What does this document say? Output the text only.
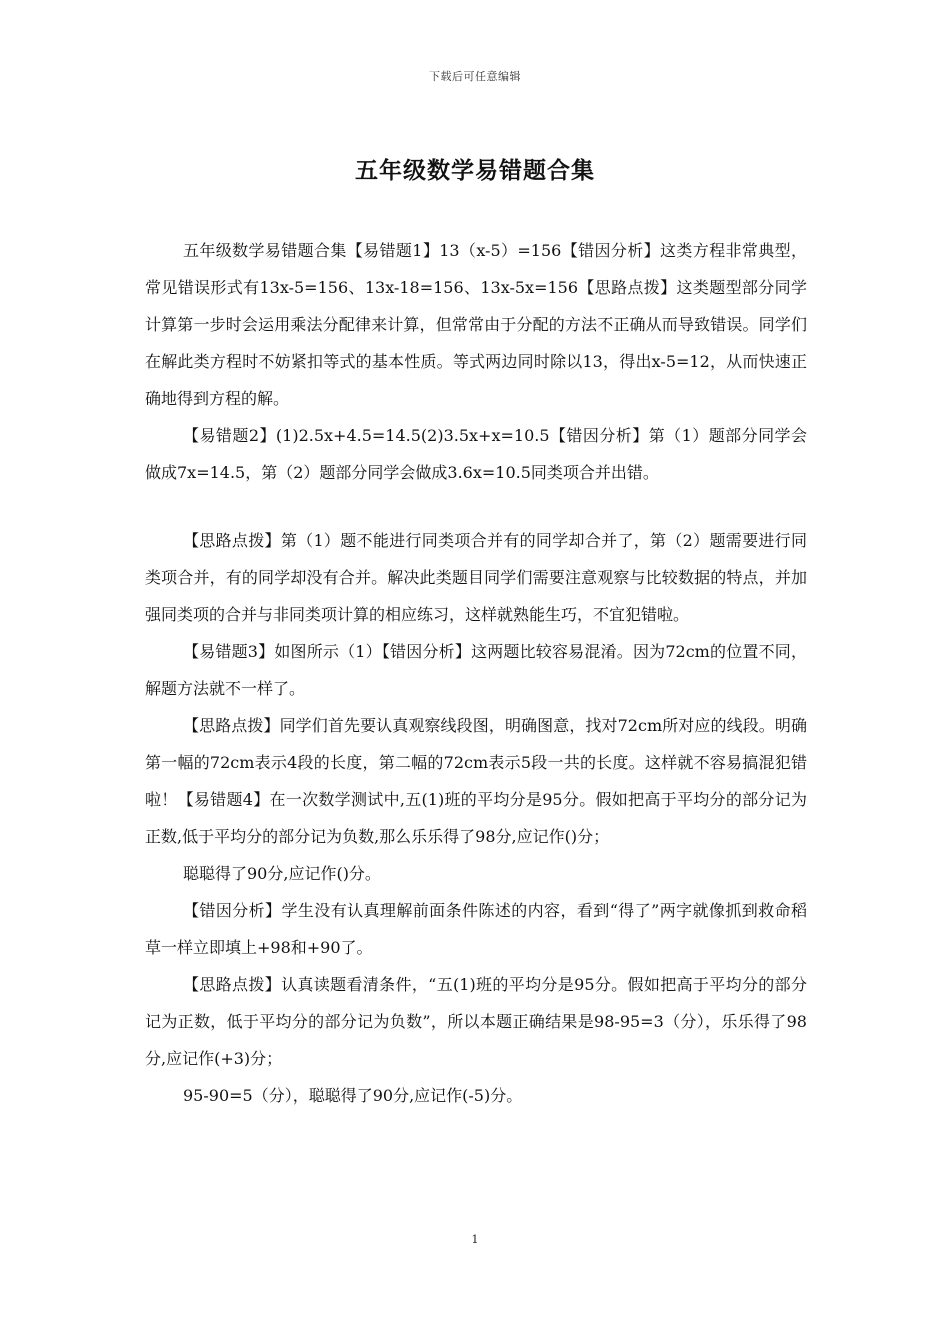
下载后可任意编辑
五年级数学易错题合集

五年级数学易错题合集【易错题1】13（x-5）=156【错因分析】这类方程非常典型，常见错误形式有13x-5=156、13x-18=156、13x-5x=156【思路点拨】这类题型部分同学计算第一步时会运用乘法分配律来计算，但常常由于分配的方法不正确从而导致错误。同学们在解此类方程时不妨紧扣等式的基本性质。等式两边同时除以13，得出x-5=12，从而快速正确地得到方程的解。

【易错题2】(1)2.5x+4.5=14.5(2)3.5x+x=10.5【错因分析】第（1）题部分同学会做成7x=14.5，第（2）题部分同学会做成3.6x=10.5同类项合并出错。

【思路点拨】第（1）题不能进行同类项合并有的同学却合并了，第（2）题需要进行同类项合并，有的同学却没有合并。解决此类题目同学们需要注意观察与比较数据的特点，并加强同类项的合并与非同类项计算的相应练习，这样就熟能生巧，不宜犯错啦。

【易错题3】如图所示（1）【错因分析】这两题比较容易混淆。因为72cm的位置不同，解题方法就不一样了。

【思路点拨】同学们首先要认真观察线段图，明确图意，找对72cm所对应的线段。明确第一幅的72cm表示4段的长度，第二幅的72cm表示5段一共的长度。这样就不容易搞混犯错啦！【易错题4】在一次数学测试中,五(1)班的平均分是95分。假如把高于平均分的部分记为正数,低于平均分的部分记为负数,那么乐乐得了98分,应记作()分；

聪聪得了90分,应记作()分。

【错因分析】学生没有认真理解前面条件陈述的内容，看到“得了”两字就像抓到救命稻草一样立即填上+98和+90了。

【思路点拨】认真读题看清条件，“五(1)班的平均分是95分。假如把高于平均分的部分记为正数，低于平均分的部分记为负数”，所以本题正确结果是98-95=3（分），乐乐得了98分,应记作(+3)分；

95-90=5（分），聪聪得了90分,应记作(-5)分。

1
